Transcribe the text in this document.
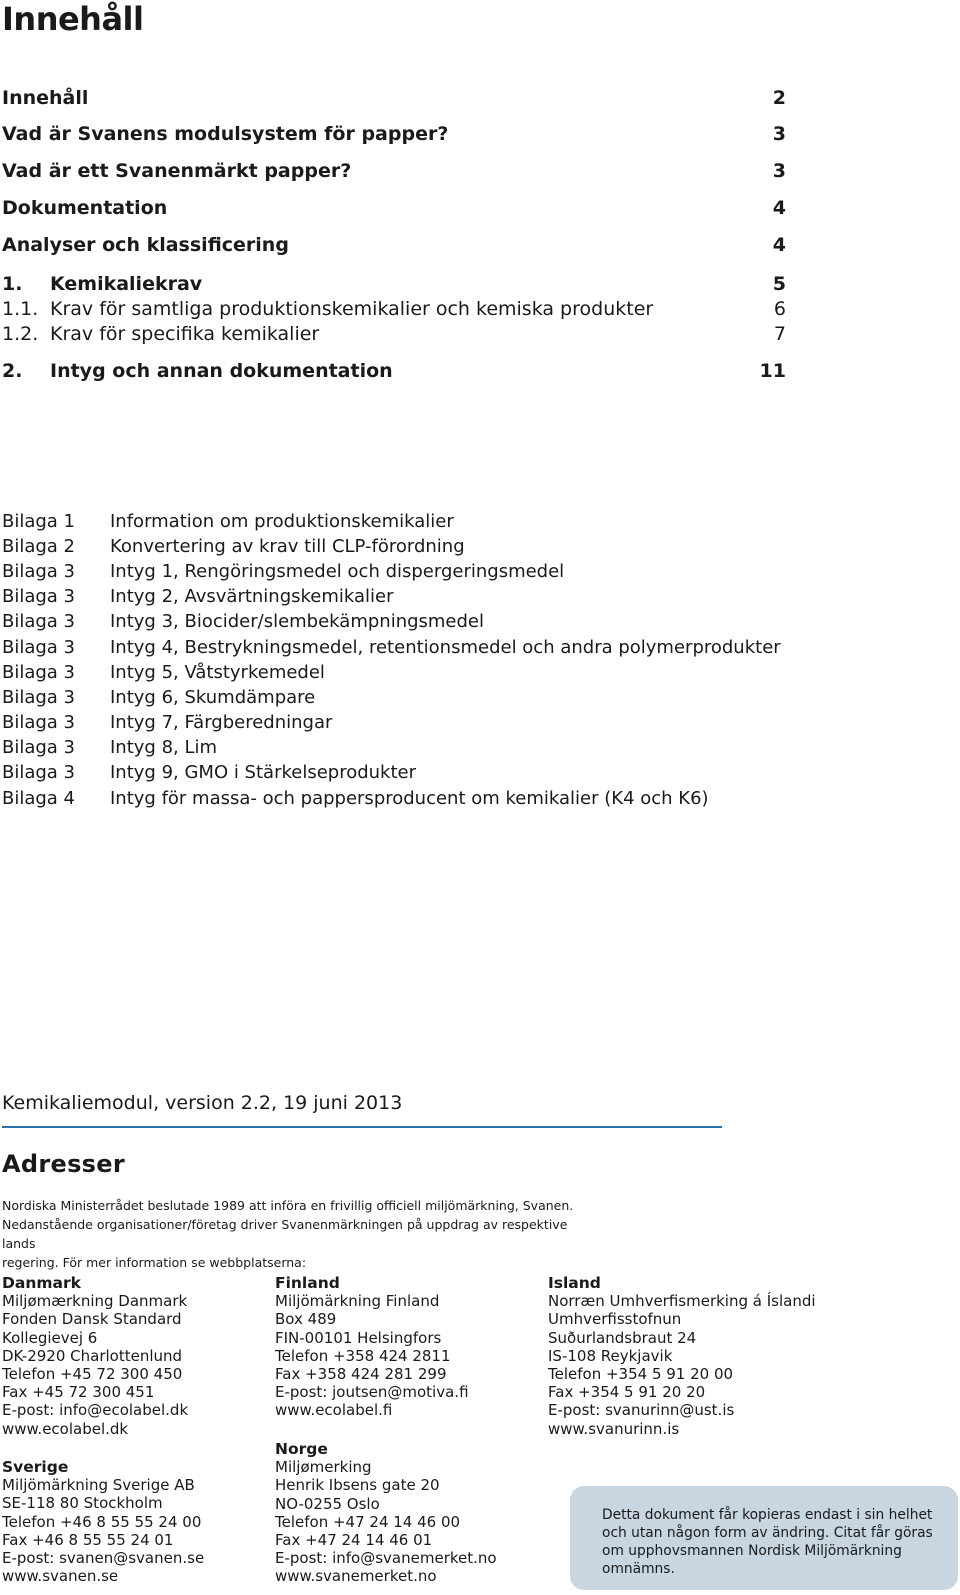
Innehåll
Innehåll	2
Vad är Svanens modulsystem för papper?	3
Vad är ett Svanenmärkt papper?	3
Dokumentation	4
Analyser och klassificering	4
1. Kemikaliekrav	5
1.1. Krav för samtliga produktionskemikalier och kemiska produkter	6
1.2. Krav för specifika kemikalier	7
2. Intyg och annan dokumentation	11
Bilaga 1 Information om produktionskemikalier
Bilaga 2 Konvertering av krav till CLP-förordning
Bilaga 3 Intyg 1, Rengöringsmedel och dispergeringsmedel
Bilaga 3 Intyg 2, Avsvärtningskemikalier
Bilaga 3 Intyg 3, Biocider/slembekämpningsmedel
Bilaga 3 Intyg 4, Bestrykningsmedel, retentionsmedel och andra polymerprodukter
Bilaga 3 Intyg 5, Våtstyrkemedel
Bilaga 3 Intyg 6, Skumdämpare
Bilaga 3 Intyg 7, Färgberedningar
Bilaga 3 Intyg 8, Lim
Bilaga 3 Intyg 9, GMO i Stärkelseprodukter
Bilaga 4 Intyg för massa- och pappersproducent om kemikalier (K4 och K6)
Kemikaliemodul, version 2.2, 19 juni 2013
Adresser
Nordiska Ministerrådet beslutade 1989 att införa en frivillig officiell miljömärkning, Svanen.
Nedanstående organisationer/företag driver Svanenmärkningen på uppdrag av respektive lands
regering. För mer information se webbplatserna:
Danmark
Miljømærkning Danmark
Fonden Dansk Standard
Kollegievej 6
DK-2920 Charlottenlund
Telefon +45 72 300 450
Fax +45 72 300 451
E-post: info@ecolabel.dk
www.ecolabel.dk
Sverige
Miljömärkning Sverige AB
SE-118 80 Stockholm
Telefon +46 8 55 55 24 00
Fax +46 8 55 55 24 01
E-post: svanen@svanen.se
www.svanen.se
Finland
Miljömärkning Finland
Box 489
FIN-00101 Helsingfors
Telefon +358 424 2811
Fax +358 424 281 299
E-post: joutsen@motiva.fi
www.ecolabel.fi
Norge
Miljømerking
Henrik Ibsens gate 20
NO-0255 Oslo
Telefon +47 24 14 46 00
Fax +47 24 14 46 01
E-post: info@svanemerket.no
www.svanemerket.no
Island
Norræn Umhverfismerking á Íslandi
Umhverfisstofnun
Suðurlandsbraut 24
IS-108 Reykjavik
Telefon +354 5 91 20 00
Fax +354 5 91 20 20
E-post: svanurinn@ust.is
www.svanurinn.is
Detta dokument får kopieras endast i sin helhet och utan någon form av ändring. Citat får göras om upphovsmannen Nordisk Miljömärkning omnämns.
